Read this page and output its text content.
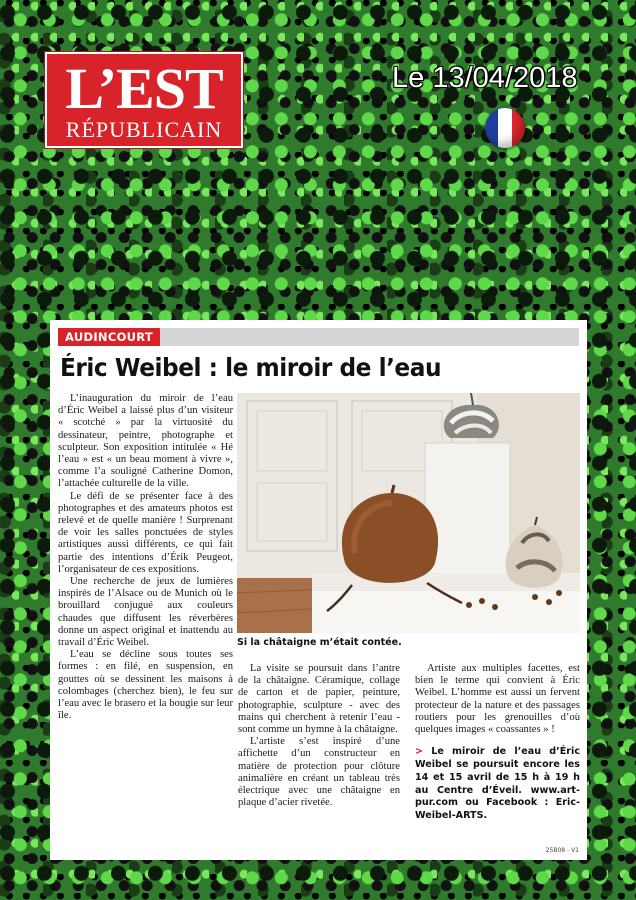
L’EST
RÉPUBLICAIN
Le 13/04/2018
AUDINCOURT
Éric Weibel : le miroir de l’eau

L’inauguration du miroir de l’eau d’Éric Weibel a laissé plus d’un visiteur « scotché » par la virtuosité du dessinateur, peintre, photographe et sculpteur. Son exposition intitulée « Hé l’eau » est « un beau moment à vivre », comme l’a souligné Catherine Domon, l’attachée culturelle de la ville.

Le défi de se présenter face à des photographes et des amateurs photos est relevé et de quelle manière ! Surprenant de voir les salles ponctuées de styles artistiques aussi différents, ce qui fait partie des intentions d’Érik Peugeot, l’organisateur de ces expositions.

Une recherche de jeux de lumières inspirés de l’Alsace ou de Munich où le brouillard conjugué aux couleurs chaudes que diffusent les réverbères donne un aspect original et inattendu au travail d’Éric Weibel.

L’eau se décline sous toutes ses formes : en filé, en suspension, en gouttes où se dessinent les maisons à colombages (cherchez bien), le feu sur l’eau avec le brasero et la bougie sur leur île.

Si la châtaigne m’était contée.

La visite se poursuit dans l’antre de la châtaigne. Céramique, collage de carton et de papier, peinture, photographie, sculpture - avec des mains qui cherchent à retenir l’eau - sont comme un hymne à la châtaigne.

L’artiste s’est inspiré d’une affichette d’un constructeur en matière de protection pour clôture animalière en créant un tableau très électrique avec une châtaigne en plaque d’acier rivetée.

Artiste aux multiples facettes, est bien le terme qui convient à Éric Weibel. L’homme est aussi un fervent protecteur de la nature et des passages routiers pour les grenouilles d’où quelques images « coassantes » !

> Le miroir de l’eau d’Éric Weibel se poursuit encore les 14 et 15 avril de 15 h à 19 h au Centre d’Éveil. www.art-pur.com ou Facebook : Eric-Weibel-ARTS.
25B08 - V1
